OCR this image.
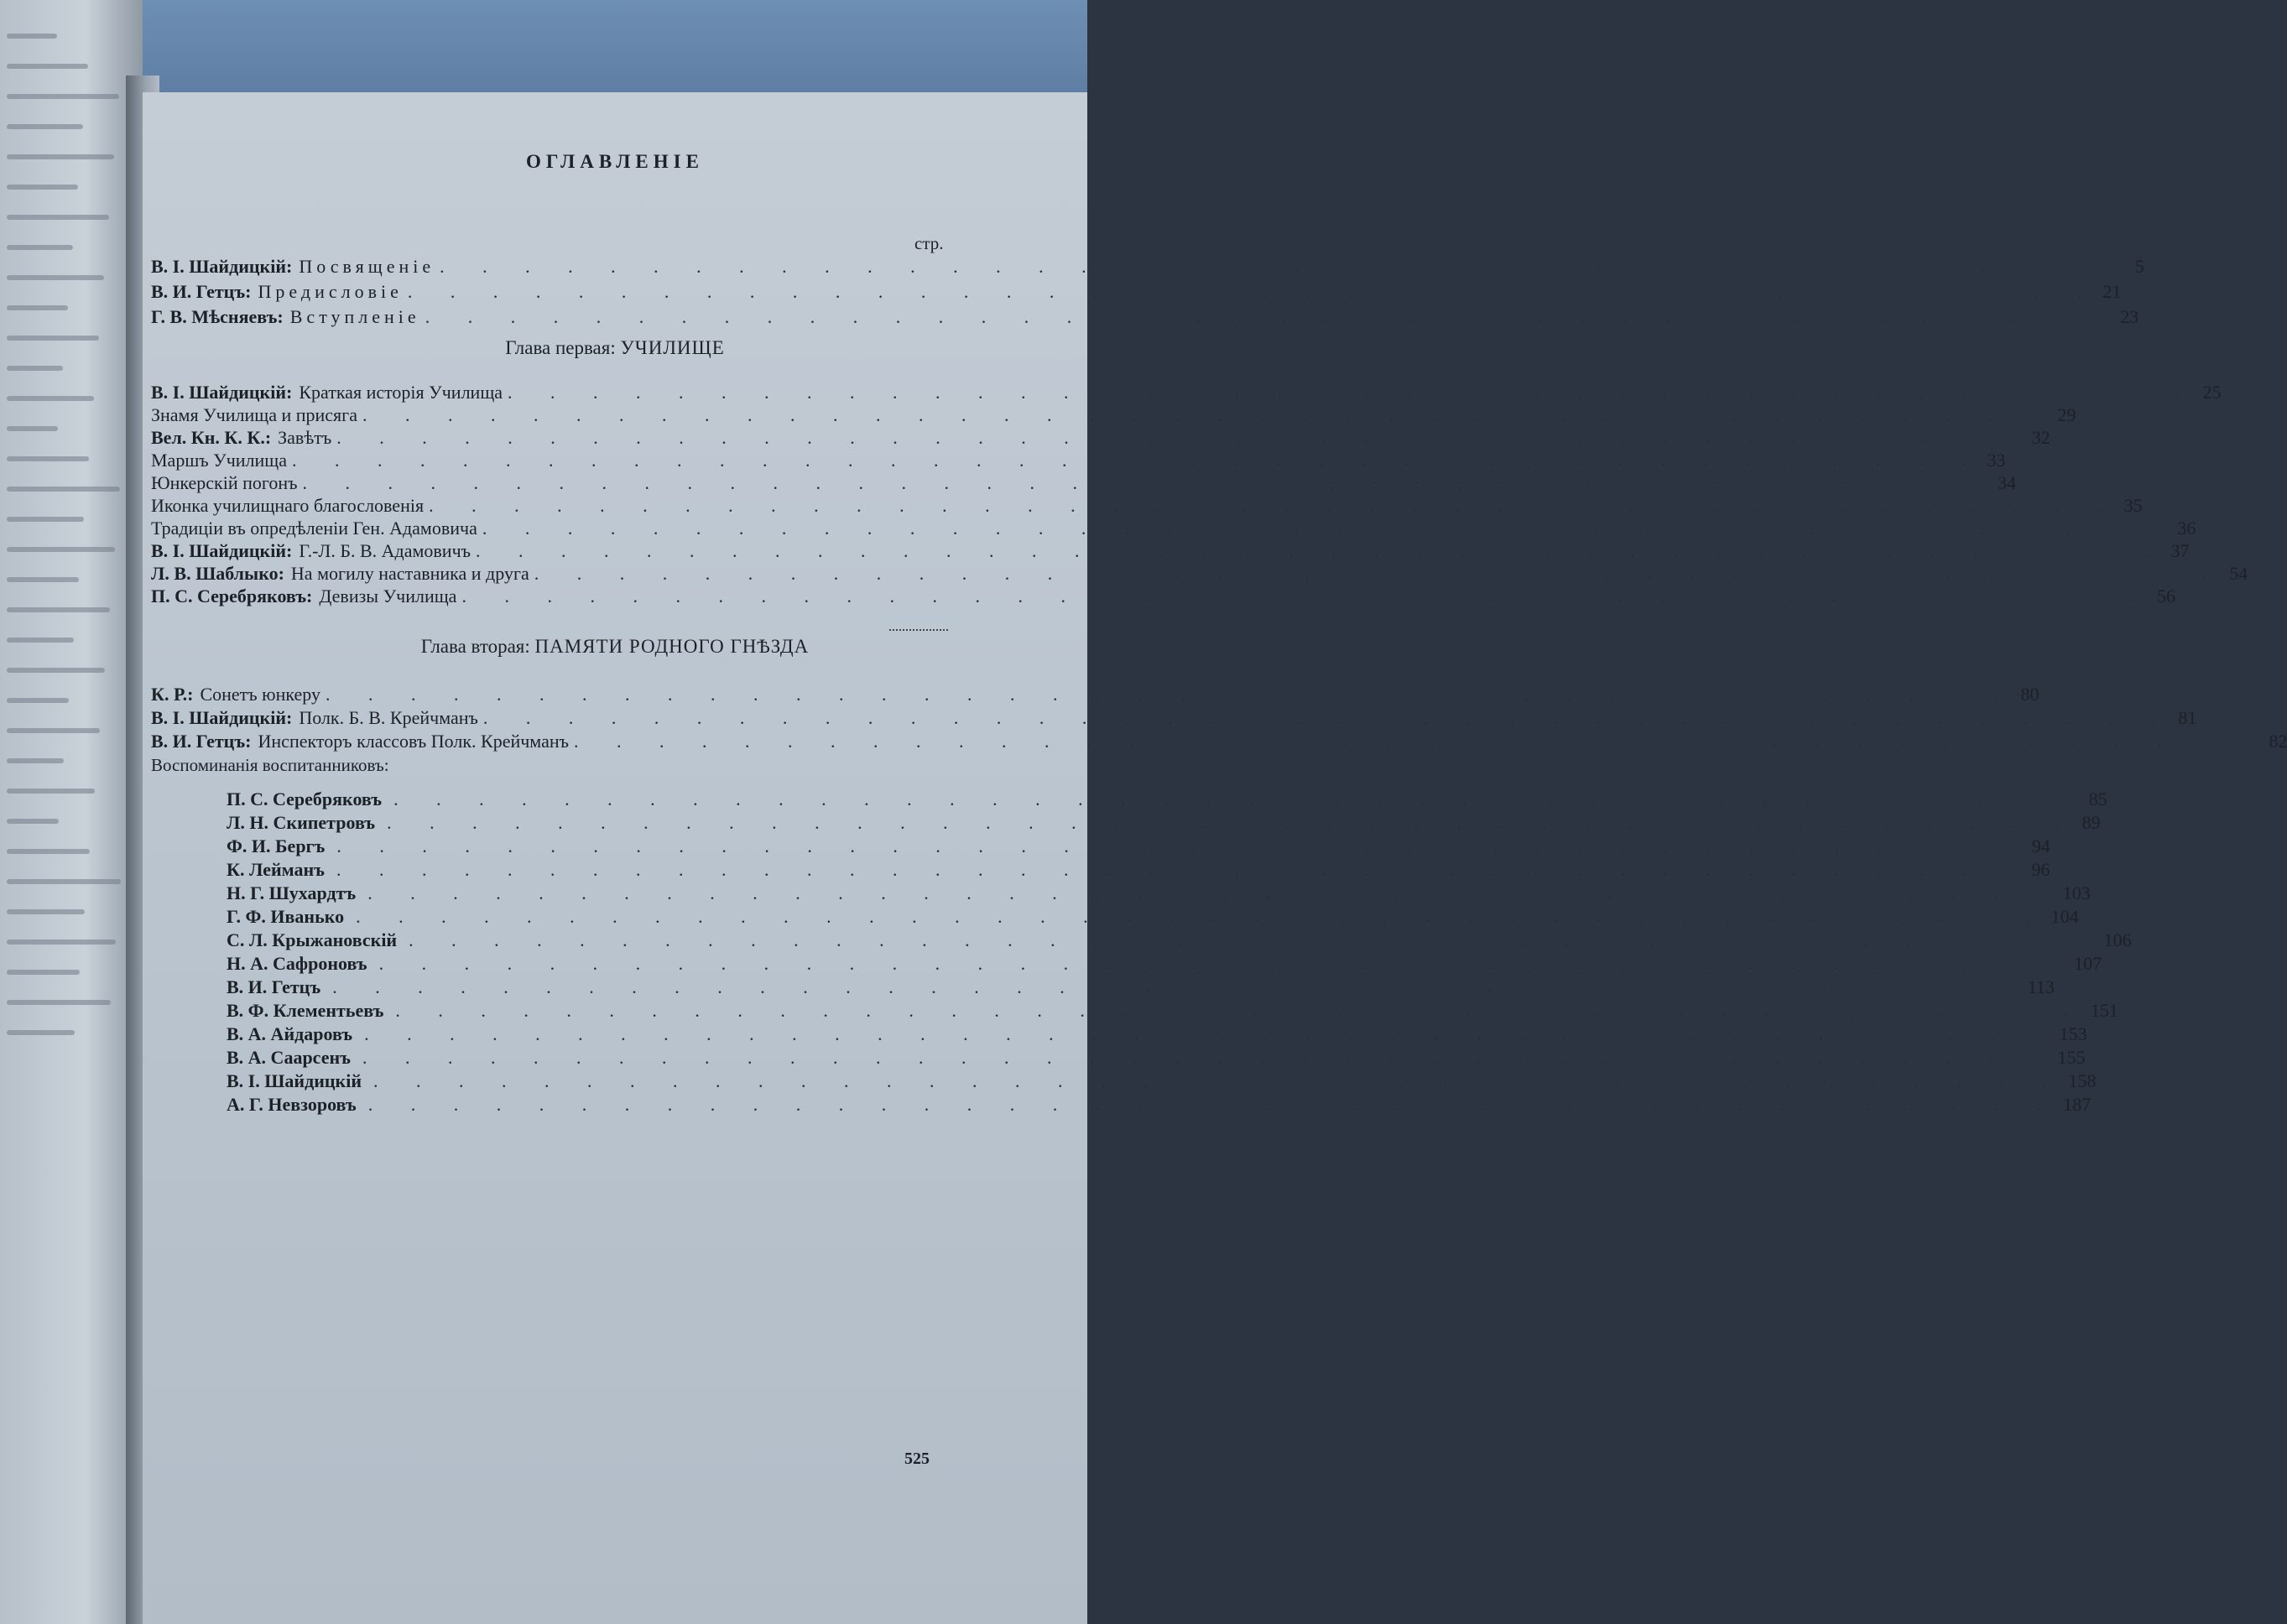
ОГЛАВЛЕНIЕ
стр.
В. I. Шайдицкiй: Посвященiе . . . . . . . . . . . . . . . . . . . . . . . . . . . . . . . . . . . . . . . . 5
В. И. Гетцъ: Предисловiе . . . . . . . . . . . . . . . . . . . . . . . . . . . . . . . . . . . . . . . . 21
Г. В. Мѣсняевъ: Вступленiе . . . . . . . . . . . . . . . . . . . . . . . . . . . . . . . . . . . . . . . . 23
Глава первая: УЧИЛИЩЕ
В. I. Шайдицкiй: Краткая исторiя Училища . . . . . . . . . . . . . . . . . . . . . . . . . . . . . . . . . . . . . . . . 25
Знамя Училища и присяга . . . . . . . . . . . . . . . . . . . . . . . . . . . . . . . . . . . . . . . . 29
Вел. Кн. К. К.: Завѣтъ . . . . . . . . . . . . . . . . . . . . . . . . . . . . . . . . . . . . . . . . 32
Маршъ Училища . . . . . . . . . . . . . . . . . . . . . . . . . . . . . . . . . . . . . . . . 33
Юнкерскiй погонъ . . . . . . . . . . . . . . . . . . . . . . . . . . . . . . . . . . . . . . . . 34
Иконка училищнаго благословенiя . . . . . . . . . . . . . . . . . . . . . . . . . . . . . . . . . . . . . . . . 35
Традицiи въ опредѣленiи Ген. Адамовича . . . . . . . . . . . . . . . . . . . . . . . . . . . . . . . . . . . . . . . . 36
В. I. Шайдицкiй: Г.-Л. Б. В. Адамовичъ . . . . . . . . . . . . . . . . . . . . . . . . . . . . . . . . . . . . . . . . 37
Л. В. Шаблыко: На могилу наставника и друга . . . . . . . . . . . . . . . . . . . . . . . . . . . . . . . . . . . . . . . . 54
П. С. Серебряковъ: Девизы Училища . . . . . . . . . . . . . . . . . . . . . . . . . . . . . . . . . . . . . . . . 56
Глава вторая: ПАМЯТИ РОДНОГО ГНѢЗДА
К. Р.: Сонетъ юнкеру . . . . . . . . . . . . . . . . . . . . . . . . . . . . . . . . . . . . . . . . 80
В. I. Шайдицкiй: Полк. Б. В. Крейчманъ . . . . . . . . . . . . . . . . . . . . . . . . . . . . . . . . . . . . . . . . 81
В. И. Гетцъ: Инспекторъ классовъ Полк. Крейчманъ . . . . . . . . . . . . . . . . . . . . . . . . . . . . . . . . . . . . . . . . 82
Воспоминанiя воспитанниковъ:
П. С. Серебряковъ . . . . . . . . . . . . . . . . . . . . . . . . . . . . . . . . . . . . . . . . 85
Л. Н. Скипетровъ . . . . . . . . . . . . . . . . . . . . . . . . . . . . . . . . . . . . . . . . 89
Ф. И. Бергъ . . . . . . . . . . . . . . . . . . . . . . . . . . . . . . . . . . . . . . . . 94
К. Лейманъ . . . . . . . . . . . . . . . . . . . . . . . . . . . . . . . . . . . . . . . . 96
Н. Г. Шухардтъ . . . . . . . . . . . . . . . . . . . . . . . . . . . . . . . . . . . . . . . . 103
Г. Ф. Иванько . . . . . . . . . . . . . . . . . . . . . . . . . . . . . . . . . . . . . . . . 104
С. Л. Крыжановскiй . . . . . . . . . . . . . . . . . . . . . . . . . . . . . . . . . . . . . . . . 106
Н. А. Сафроновъ . . . . . . . . . . . . . . . . . . . . . . . . . . . . . . . . . . . . . . . . 107
В. И. Гетцъ . . . . . . . . . . . . . . . . . . . . . . . . . . . . . . . . . . . . . . . . 113
В. Ф. Клементьевъ . . . . . . . . . . . . . . . . . . . . . . . . . . . . . . . . . . . . . . . . 151
В. А. Айдаровъ . . . . . . . . . . . . . . . . . . . . . . . . . . . . . . . . . . . . . . . . 153
В. А. Саарсенъ . . . . . . . . . . . . . . . . . . . . . . . . . . . . . . . . . . . . . . . . 155
В. I. Шайдицкiй . . . . . . . . . . . . . . . . . . . . . . . . . . . . . . . . . . . . . . . . 158
А. Г. Невзоровъ . . . . . . . . . . . . . . . . . . . . . . . . . . . . . . . . . . . . . . . . 187
525
